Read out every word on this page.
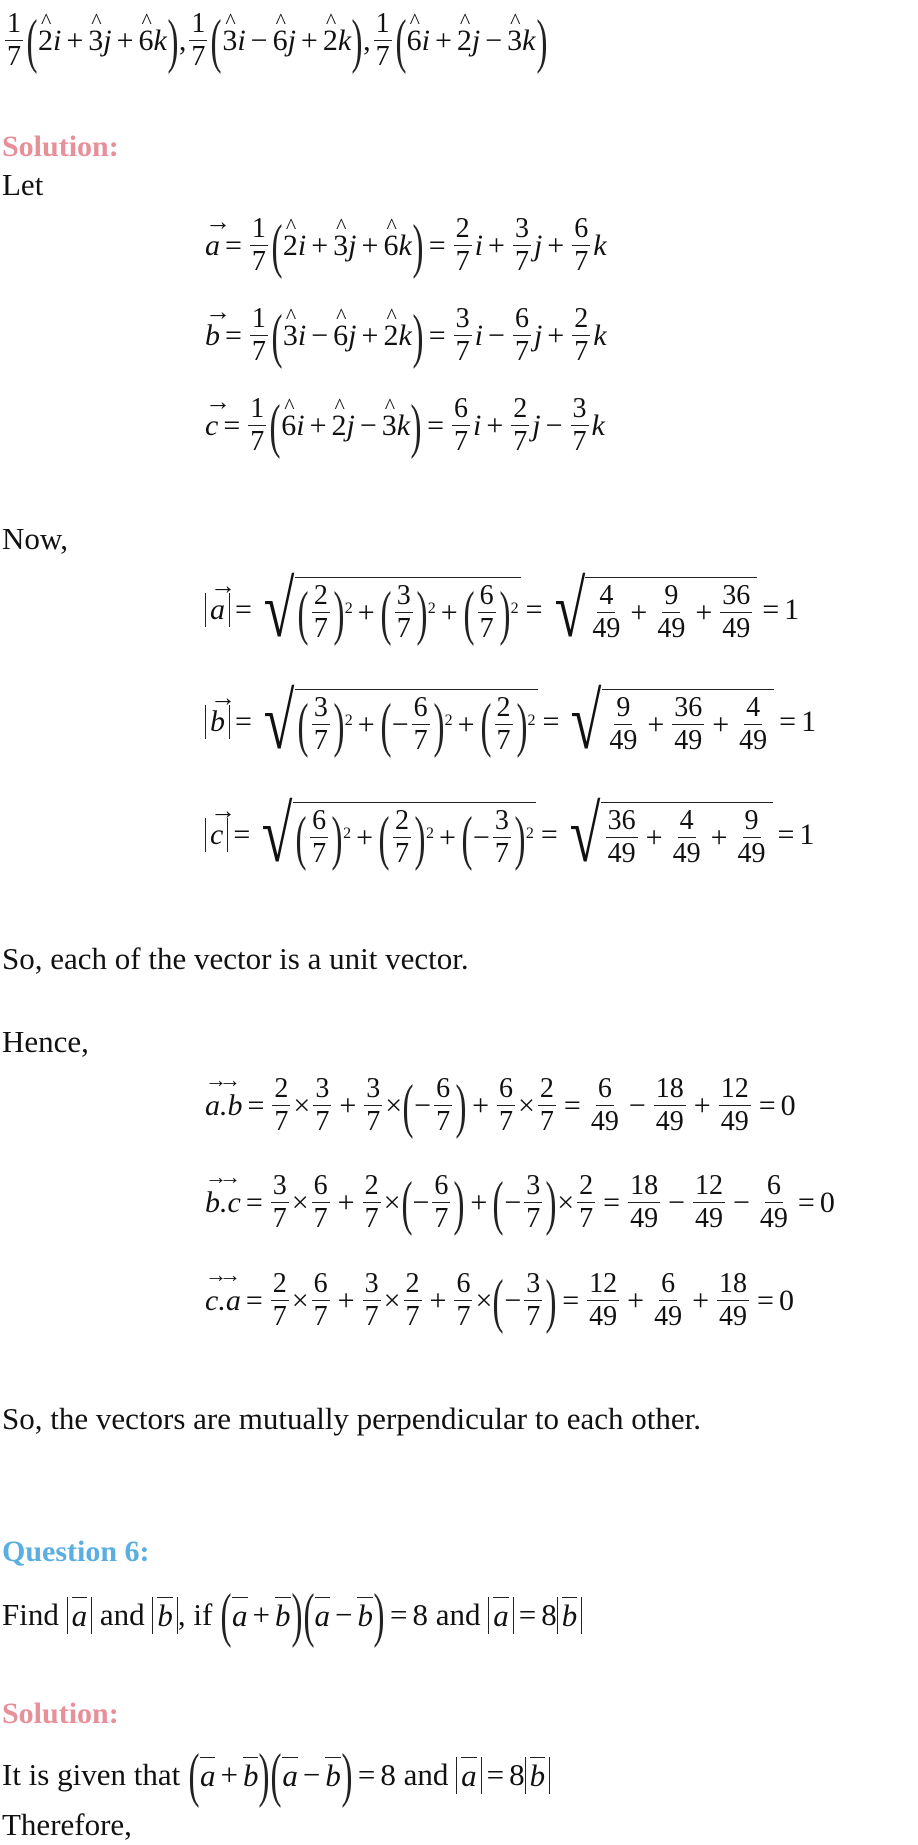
$\frac{1}{7}$ ( ^ 2 i + ^ 3 j + ^ 6 k ) , $\frac{1}{7}$ ( ^ 3 i − ^ 6 j + ^ 2 k ) , $\frac{1}{7}$ ( ^ 6 i + ^ 2 j − ^ 3 k )
Solution:
Let
→ $a = \frac{1}{7}$ ( ^ 2 i + ^ 3 j + ^ 6 k ) = $\frac{2}{7}$ $i + \frac{3}{7}$ $j + \frac{6}{7}$ k
→ $b = \frac{1}{7}$ ( ^ 3 i − ^ 6 j + ^ 2 k ) = $\frac{3}{7}$ $i - \frac{6}{7}$ $j + \frac{2}{7}$ k
→ $c = \frac{1}{7}$ ( ^ 6 i + ^ 2 j − ^ 3 k ) = $\frac{6}{7}$ $i + \frac{2}{7}$ $j - \frac{3}{7}$ k
Now,
→ a = √ ( $\frac{2}{7} )^2$ + ( $\frac{3}{7} )^2$ + ( $\frac{6}{7} )^2$ = √ $\frac{4}{49} + \frac{9}{49} + \frac{36}{49} = 1$
→ b = √ ( $\frac{3}{7} )^2$ + ( − $\frac{6}{7} )^2$ + ( $\frac{2}{7} )^2$ = √ $\frac{9}{49} + \frac{36}{49} + \frac{4}{49} = 1$
→ c = √ ( $\frac{6}{7} )^2$ + ( $\frac{2}{7} )^2$ + ( − $\frac{3}{7} )^2$ = √ $\frac{36}{49} + \frac{4}{49} + \frac{9}{49} = 1$
So, each of the vector is a unit vector.
Hence,
→→ $a.b = \frac{2}{7} \times \frac{3}{7} + \frac{3}{7}$ × ( − $\frac{6}{7}$ ) + $\frac{6}{7} \times \frac{2}{7} = \frac{6}{49} - \frac{18}{49} + \frac{12}{49} = 0$
→→ $b.c = \frac{3}{7} \times \frac{6}{7} + \frac{2}{7}$ × ( − $\frac{6}{7}$ ) + ( − $\frac{3}{7}$ ) × $\frac{2}{7} = \frac{18}{49} - \frac{12}{49} - \frac{6}{49} = 0$
→→ $c.a = \frac{2}{7} \times \frac{6}{7} + \frac{3}{7} \times \frac{2}{7} + \frac{6}{7}$ × ( − $\frac{3}{7}$ ) = $\frac{12}{49} + \frac{6}{49} + \frac{18}{49} = 0$
So, the vectors are mutually perpendicular to each other.
Question 6:
Find
a
and
b , if
( a + b ) ( a − b ) = 8 and
a = 8 b
Solution:
It is given that
( a + b ) ( a − b ) = 8 and
a = 8 b
Therefore,
